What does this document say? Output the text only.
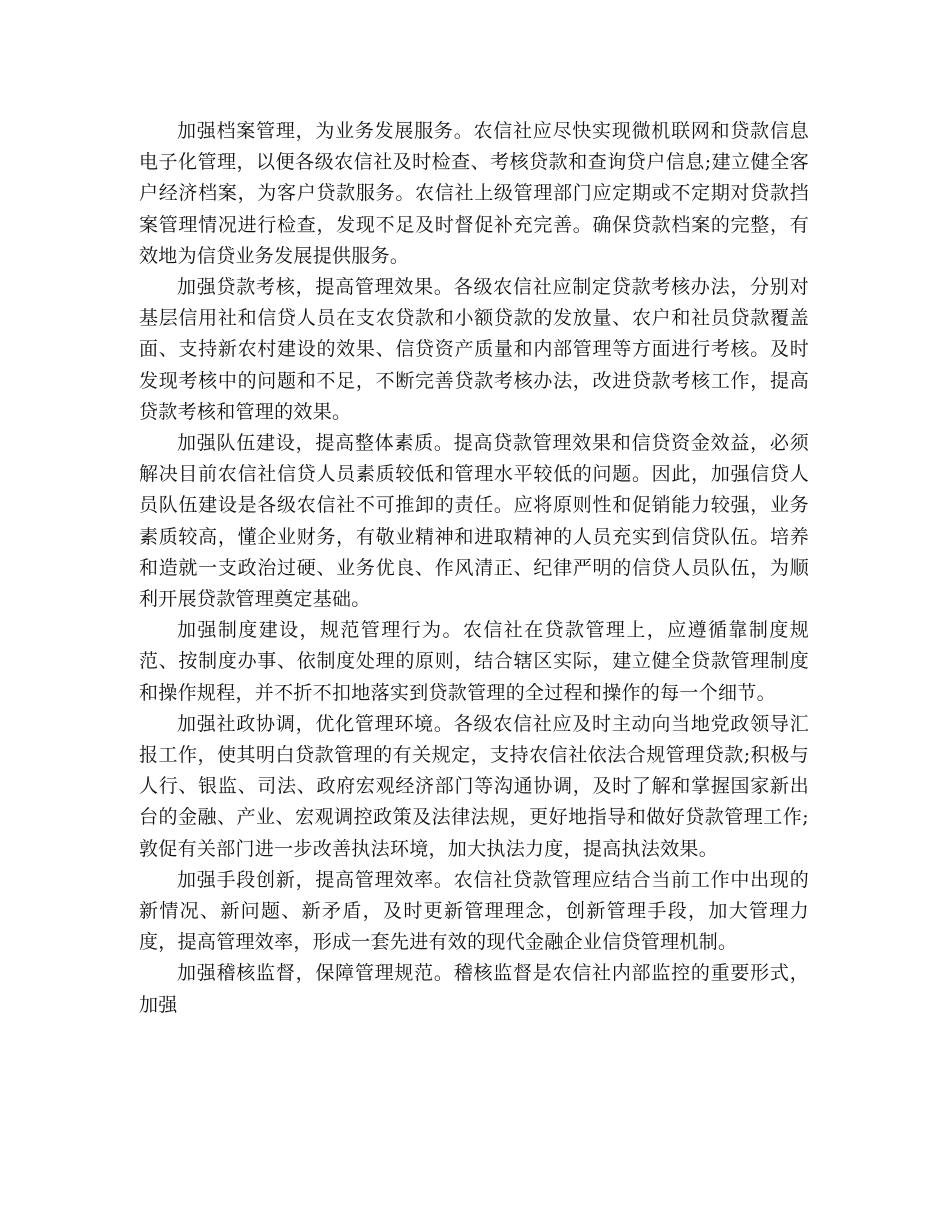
加强档案管理，为业务发展服务。农信社应尽快实现微机联网和贷款信息电子化管理，以便各级农信社及时检查、考核贷款和查询贷户信息;建立健全客户经济档案，为客户贷款服务。农信社上级管理部门应定期或不定期对贷款挡案管理情况进行检查，发现不足及时督促补充完善。确保贷款档案的完整，有效地为信贷业务发展提供服务。

加强贷款考核，提高管理效果。各级农信社应制定贷款考核办法，分别对基层信用社和信贷人员在支农贷款和小额贷款的发放量、农户和社员贷款覆盖面、支持新农村建设的效果、信贷资产质量和内部管理等方面进行考核。及时发现考核中的问题和不足，不断完善贷款考核办法，改进贷款考核工作，提高贷款考核和管理的效果。

加强队伍建设，提高整体素质。提高贷款管理效果和信贷资金效益，必须解决目前农信社信贷人员素质较低和管理水平较低的问题。因此，加强信贷人员队伍建设是各级农信社不可推卸的责任。应将原则性和促销能力较强，业务素质较高，懂企业财务，有敬业精神和进取精神的人员充实到信贷队伍。培养和造就一支政治过硬、业务优良、作风清正、纪律严明的信贷人员队伍，为顺利开展贷款管理奠定基础。

加强制度建设，规范管理行为。农信社在贷款管理上，应遵循靠制度规范、按制度办事、依制度处理的原则，结合辖区实际，建立健全贷款管理制度和操作规程，并不折不扣地落实到贷款管理的全过程和操作的每一个细节。

加强社政协调，优化管理环境。各级农信社应及时主动向当地党政领导汇报工作，使其明白贷款管理的有关规定，支持农信社依法合规管理贷款;积极与人行、银监、司法、政府宏观经济部门等沟通协调，及时了解和掌握国家新出台的金融、产业、宏观调控政策及法律法规，更好地指导和做好贷款管理工作;敦促有关部门进一步改善执法环境，加大执法力度，提高执法效果。

加强手段创新，提高管理效率。农信社贷款管理应结合当前工作中出现的新情况、新问题、新矛盾，及时更新管理理念，创新管理手段，加大管理力度，提高管理效率，形成一套先进有效的现代金融企业信贷管理机制。

加强稽核监督，保障管理规范。稽核监督是农信社内部监控的重要形式，加强
